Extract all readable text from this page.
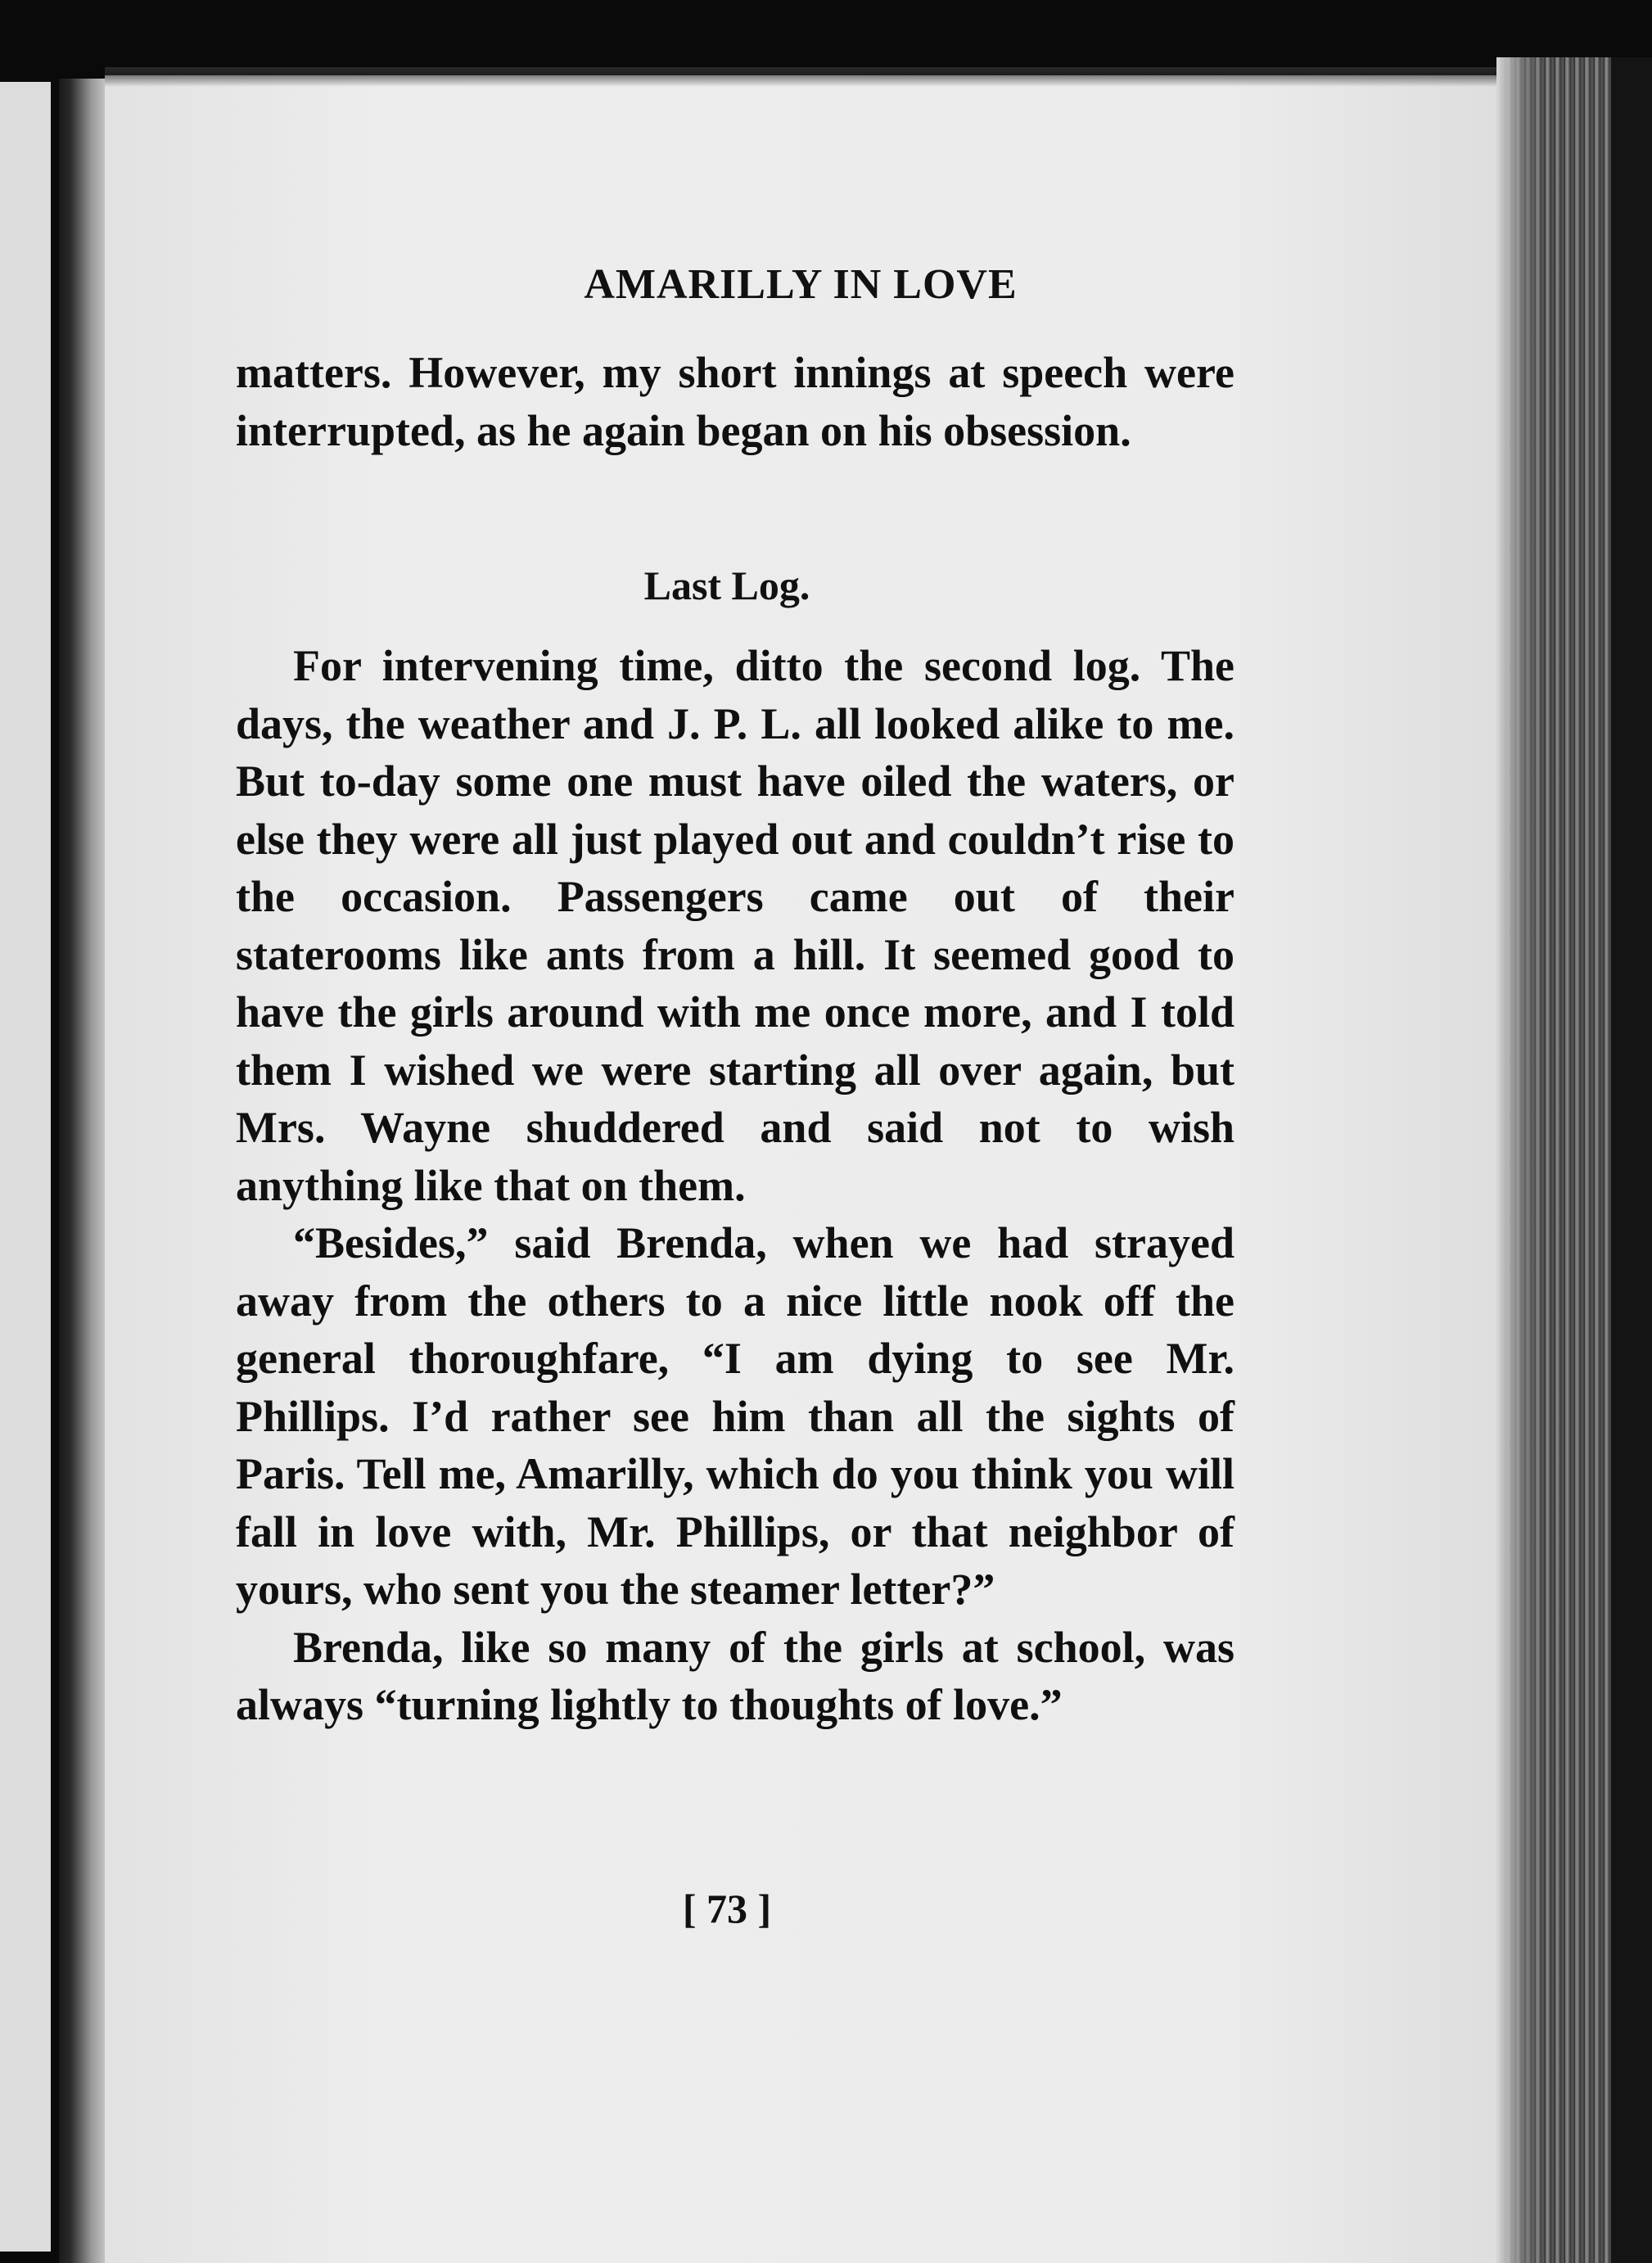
AMARILLY IN LOVE

matters. However, my short innings at speech were interrupted, as he again began on his obsession.

Last Log.

For intervening time, ditto the second log. The days, the weather and J. P. L. all looked alike to me. But to-day some one must have oiled the waters, or else they were all just played out and couldn’t rise to the occasion. Passengers came out of their staterooms like ants from a hill. It seemed good to have the girls around with me once more, and I told them I wished we were starting all over again, but Mrs. Wayne shuddered and said not to wish anything like that on them.

“Besides,” said Brenda, when we had strayed away from the others to a nice little nook off the general thoroughfare, “I am dying to see Mr. Phillips. I’d rather see him than all the sights of Paris. Tell me, Amarilly, which do you think you will fall in love with, Mr. Phillips, or that neighbor of yours, who sent you the steamer letter?”

Brenda, like so many of the girls at school, was always “turning lightly to thoughts of love.”

[ 73 ]
